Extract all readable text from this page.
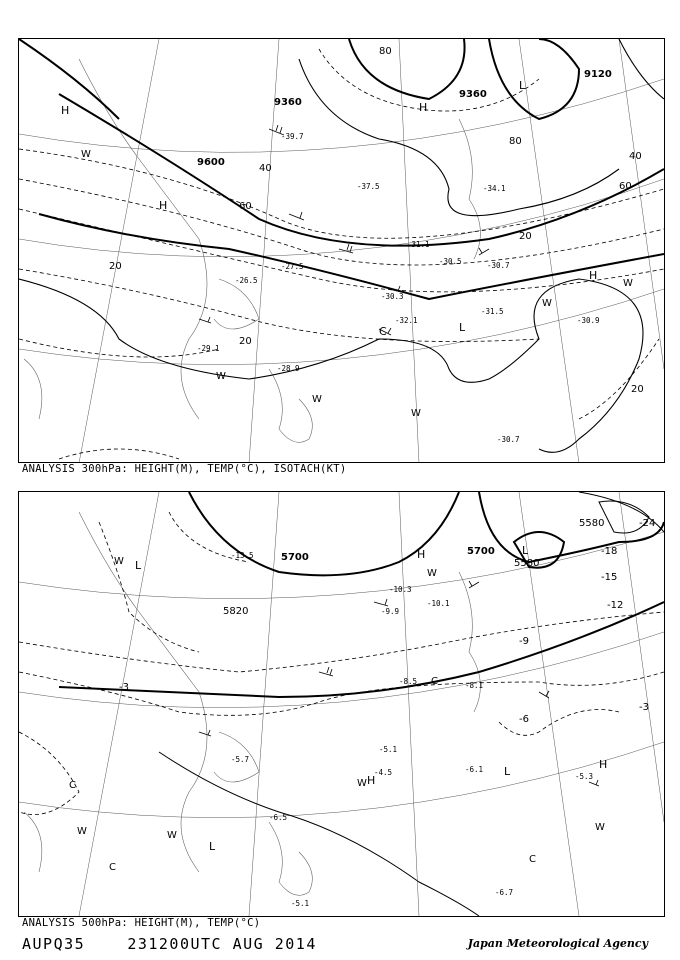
9600
9360
9360
9120
20
40
60
80
20
20
20
40
60
80
H
H
H
H
L
L
C
W
W
W
W
W
W
-39.7
-37.5	-34.1
-31.1
-30.5	-30.7
-30.3
-32.1
-31.5
-30.9
-30.7
-29.1
-28.9
-27.5
-26.5
ANALYSIS 300hPa: HEIGHT(M), TEMP(°C), ISOTACH(KT)
5700
5700
5820
5580
5580
-3
-6
-9
-12
-15
-18
-24
-3
H
H
H
L
L
L
L
C
C
C
C
W
W	W
W
W
W
-13.5
-10.3
-10.1
-9.9
-8.5	-8.1
-6.1
-5.3
-5.1
-4.5
-6.7
-5.7
-6.5
-5.1
ANALYSIS 500hPa: HEIGHT(M), TEMP(°C)
AUPQ35	231200UTC AUG 2014	Japan Meteorological Agency
